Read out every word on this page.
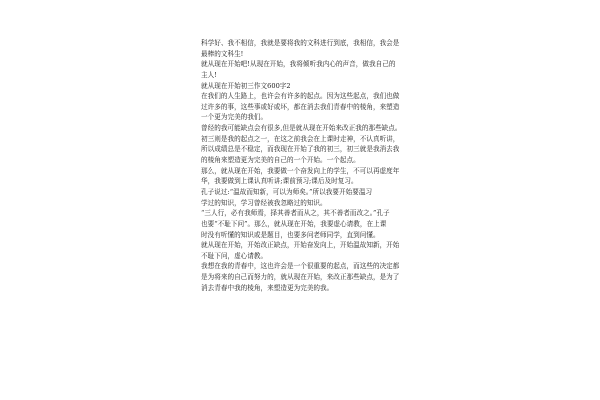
科学好、我不相信，我就是要将我的文科进行到底，我相信，我会是
最棒的文科生!
就从现在开始吧!从现在开始，我将倾听我内心的声音，做我自己的
主人!
就从现在开始初三作文600字2
在我们的人生路上，也许会有许多的起点。因为这些起点，我们也做
过许多的事，这些事或好或坏，都在消去我们青春中的棱角，来塑造
一个更为完美的我们。
曾经的我可能缺点会有很多,但是就从现在开始来改正我的那些缺点。
初三则是我的起点之一，在这之前我会在上课时走神，不认真听讲，
所以成绩总是不稳定，而我现在开始了我的初三，初三就是我消去我
的棱角来塑造更为完美的自己的一个开始。一个起点。
那么，就从现在开始，我要做一个奋发向上的学生，不可以再虚度年
华，我要做到上课认真听讲;课前预习;课后及时复习。
孔子说过:“温故而知新，可以为师矣。”所以我要开始要温习
学过的知识，学习曾经被我忽略过的知识。
“三人行，必有我师焉，择其善者而从之，其不善者而改之。”孔子
也要“不耻下问”。那么，就从现在开始，我要虚心请教，在上课
时没有听懂的知识或是题目，也要多问老师同学，直到问懂。
就从现在开始，开始改正缺点，开始奋发向上，开始温故知新，开始
不耻下问，虚心请教。
我想在我的青春中，这也许会是一个很重要的起点，而这些的决定都
是为将来的自己而努力的，就从现在开始，来改正那些缺点，是为了
消去青春中我的棱角，来塑造更为完美的我。
